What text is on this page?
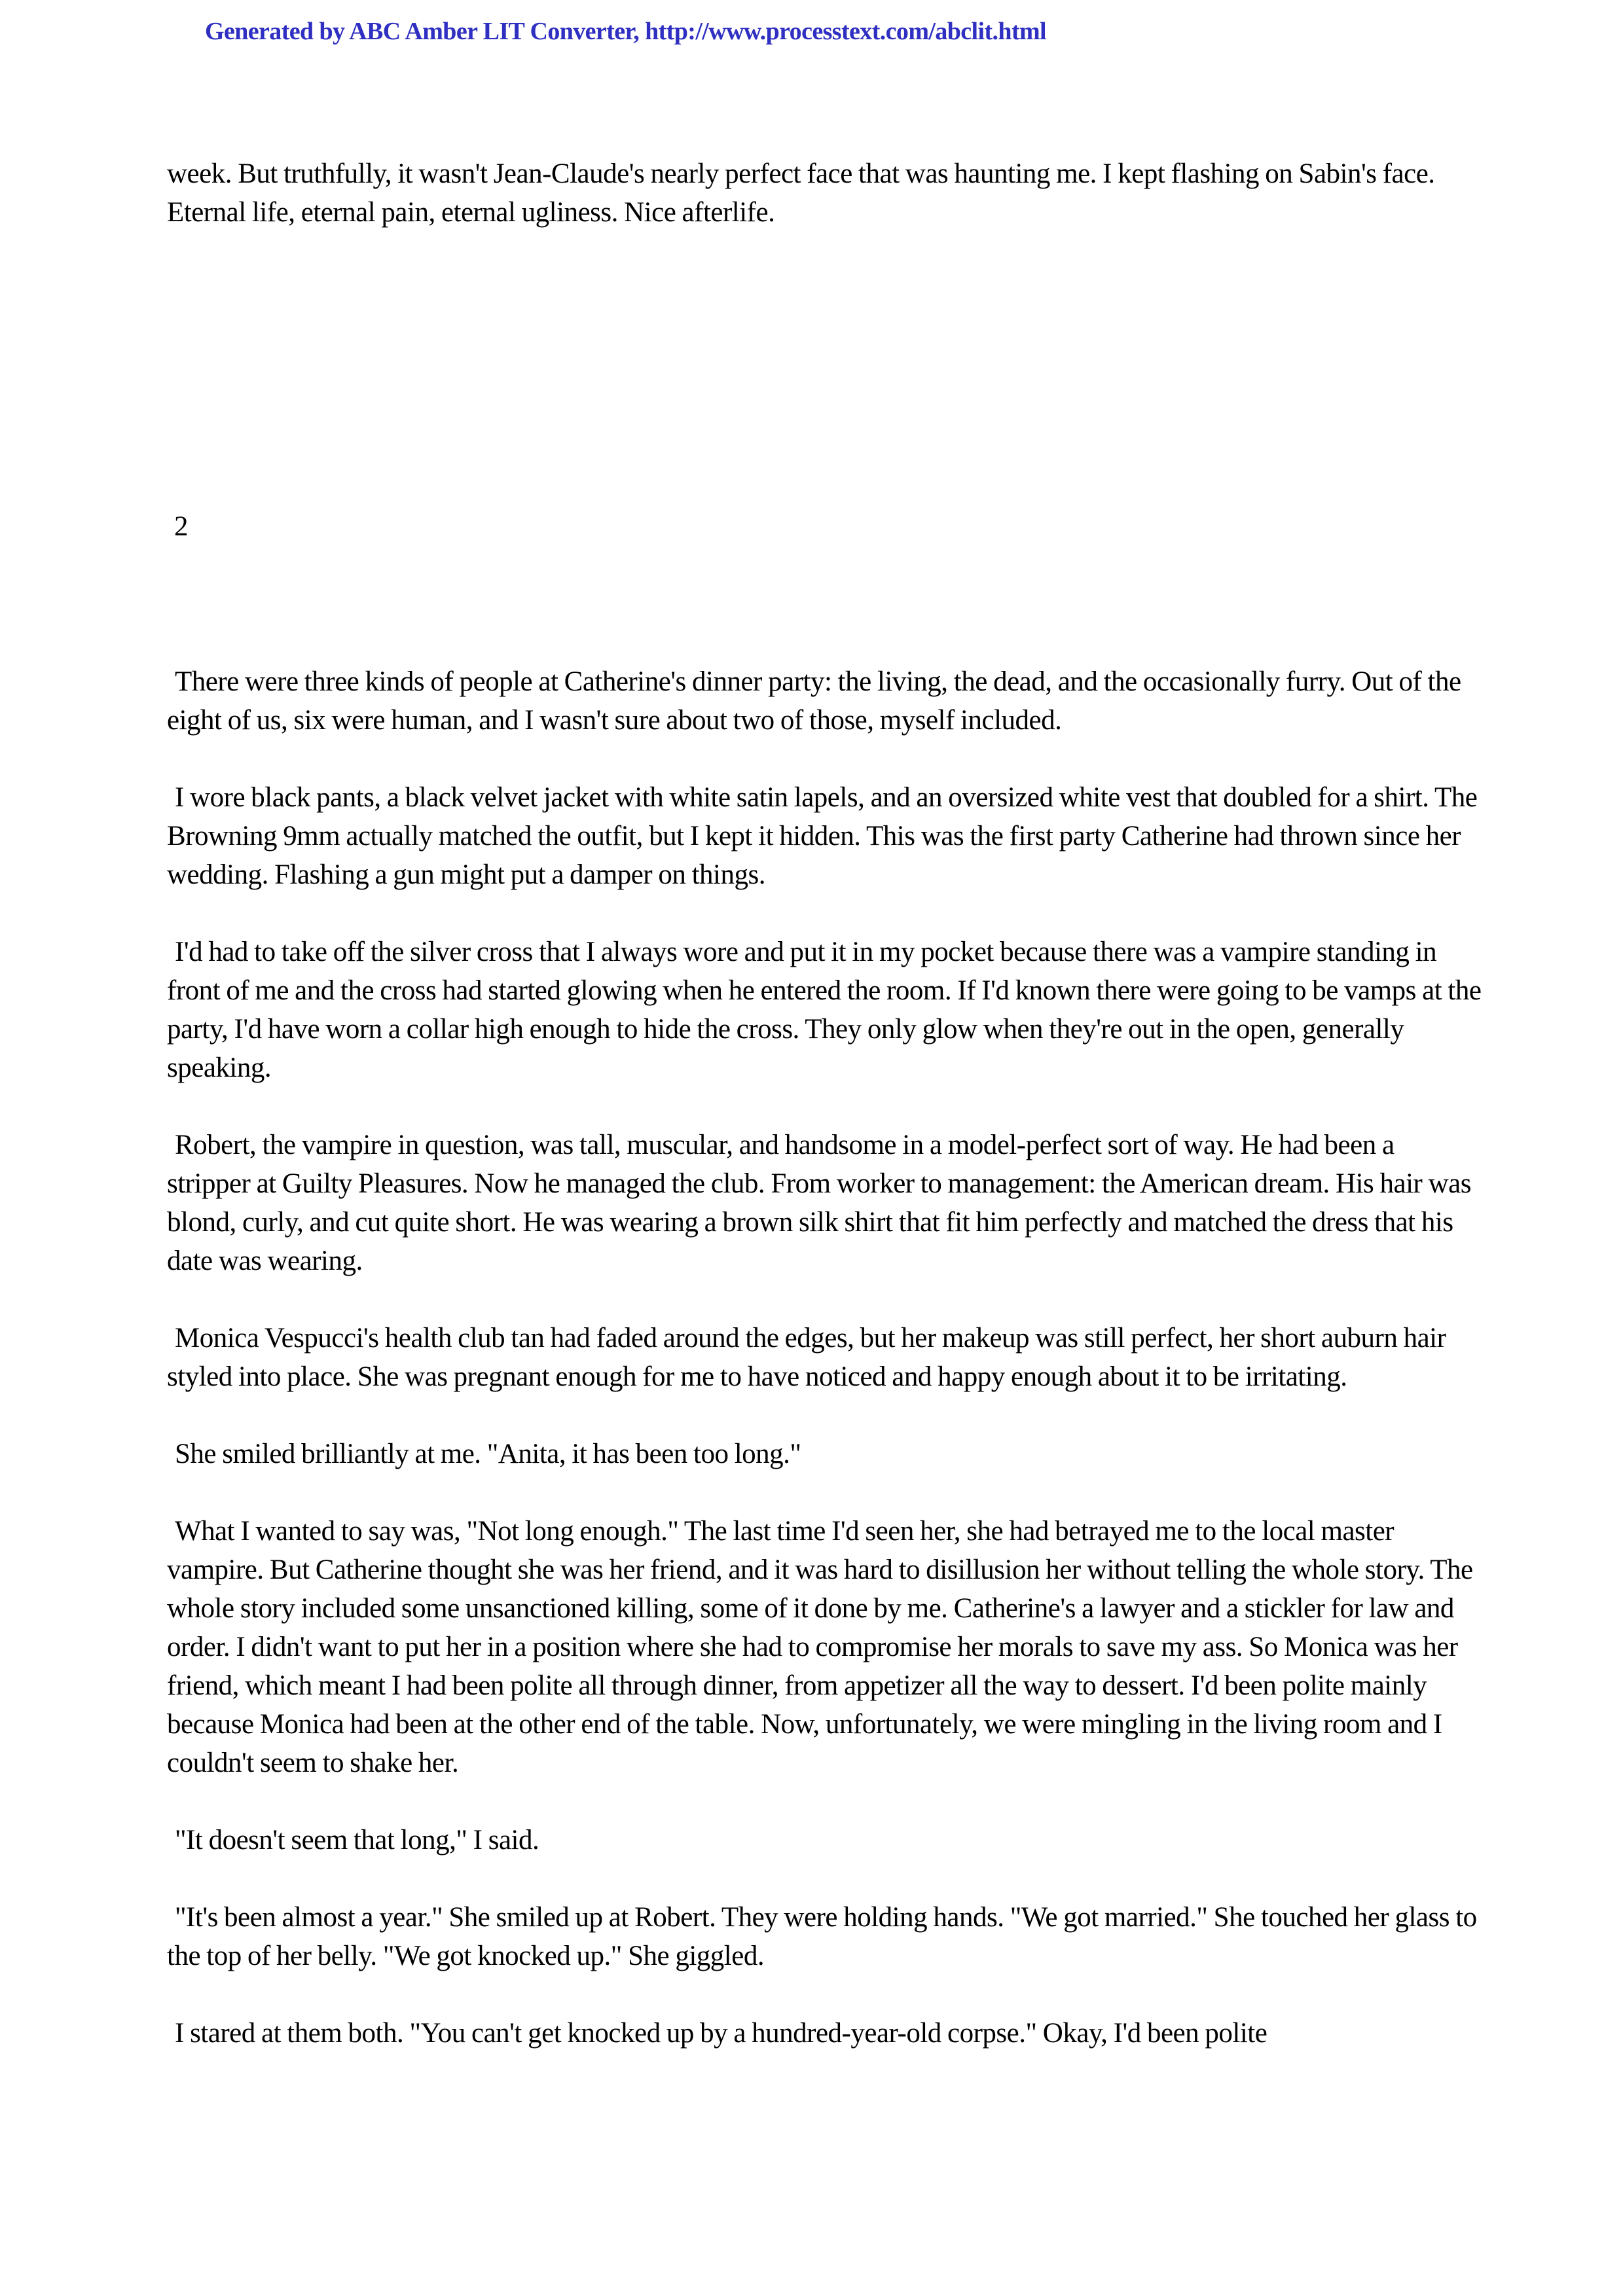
Generated by ABC Amber LIT Converter, http://www.processtext.com/abclit.html

week. But truthfully, it wasn't Jean-Claude's nearly perfect face that was haunting me. I kept flashing on Sabin's face. Eternal life, eternal pain, eternal ugliness. Nice afterlife.

2

There were three kinds of people at Catherine's dinner party: the living, the dead, and the occasionally furry. Out of the eight of us, six were human, and I wasn't sure about two of those, myself included.

I wore black pants, a black velvet jacket with white satin lapels, and an oversized white vest that doubled for a shirt. The Browning 9mm actually matched the outfit, but I kept it hidden. This was the first party Catherine had thrown since her wedding. Flashing a gun might put a damper on things.

I'd had to take off the silver cross that I always wore and put it in my pocket because there was a vampire standing in front of me and the cross had started glowing when he entered the room. If I'd known there were going to be vamps at the party, I'd have worn a collar high enough to hide the cross. They only glow when they're out in the open, generally speaking.

Robert, the vampire in question, was tall, muscular, and handsome in a model-perfect sort of way. He had been a stripper at Guilty Pleasures. Now he managed the club. From worker to management: the American dream. His hair was blond, curly, and cut quite short. He was wearing a brown silk shirt that fit him perfectly and matched the dress that his date was wearing.

Monica Vespucci's health club tan had faded around the edges, but her makeup was still perfect, her short auburn hair styled into place. She was pregnant enough for me to have noticed and happy enough about it to be irritating.

She smiled brilliantly at me. "Anita, it has been too long."

What I wanted to say was, "Not long enough." The last time I'd seen her, she had betrayed me to the local master vampire. But Catherine thought she was her friend, and it was hard to disillusion her without telling the whole story. The whole story included some unsanctioned killing, some of it done by me. Catherine's a lawyer and a stickler for law and order. I didn't want to put her in a position where she had to compromise her morals to save my ass. So Monica was her friend, which meant I had been polite all through dinner, from appetizer all the way to dessert. I'd been polite mainly because Monica had been at the other end of the table. Now, unfortunately, we were mingling in the living room and I couldn't seem to shake her.

"It doesn't seem that long," I said.

"It's been almost a year." She smiled up at Robert. They were holding hands. "We got married." She touched her glass to the top of her belly. "We got knocked up." She giggled.

I stared at them both. "You can't get knocked up by a hundred-year-old corpse." Okay, I'd been polite
